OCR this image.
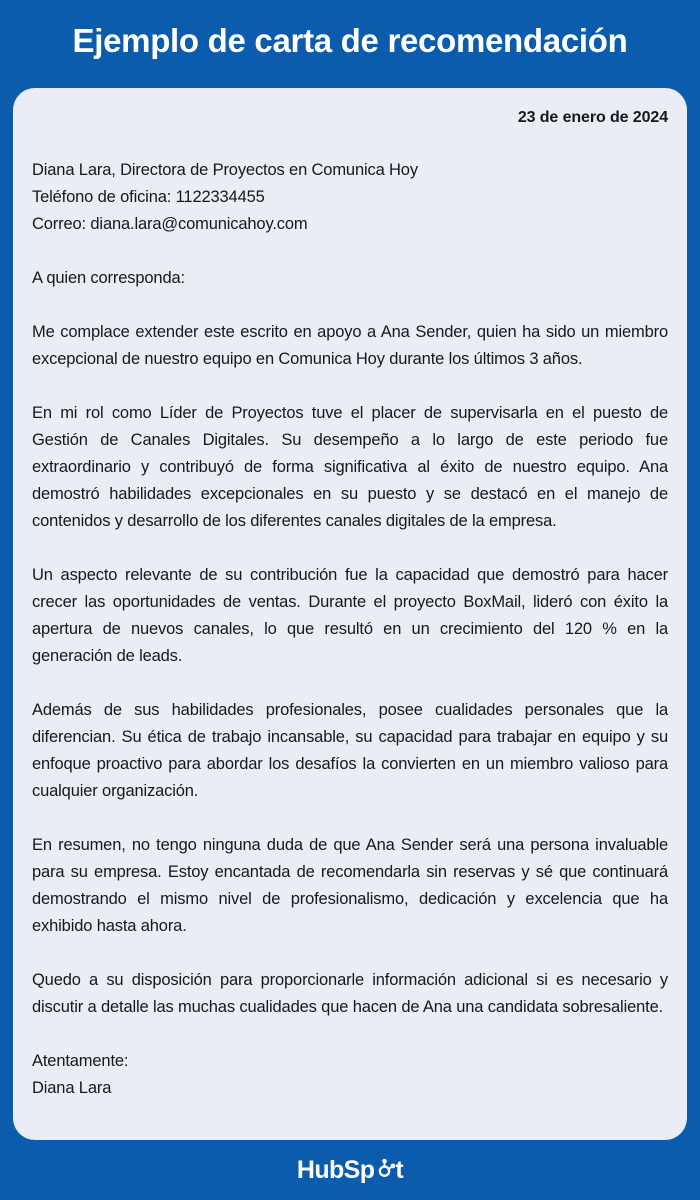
Ejemplo de carta de recomendación
23 de enero de 2024
Diana Lara, Directora de Proyectos en Comunica Hoy
Teléfono de oficina: 1122334455
Correo: diana.lara@comunicahoy.com
A quien corresponda:

Me complace extender este escrito en apoyo a Ana Sender, quien ha sido un miembro excepcional de nuestro equipo en Comunica Hoy durante los últimos 3 años.

En mi rol como Líder de Proyectos tuve el placer de supervisarla en el puesto de Gestión de Canales Digitales. Su desempeño a lo largo de este periodo fue extraordinario y contribuyó de forma significativa al éxito de nuestro equipo. Ana demostró habilidades excepcionales en su puesto y se destacó en el manejo de contenidos y desarrollo de los diferentes canales digitales de la empresa.

Un aspecto relevante de su contribución fue la capacidad que demostró para hacer crecer las oportunidades de ventas. Durante el proyecto BoxMail, lideró con éxito la apertura de nuevos canales, lo que resultó en un crecimiento del 120 % en la generación de leads.

Además de sus habilidades profesionales, posee cualidades personales que la diferencian. Su ética de trabajo incansable, su capacidad para trabajar en equipo y su enfoque proactivo para abordar los desafíos la convierten en un miembro valioso para cualquier organización.

En resumen, no tengo ninguna duda de que Ana Sender será una persona invaluable para su empresa. Estoy encantada de recomendarla sin reservas y sé que continuará demostrando el mismo nivel de profesionalismo, dedicación y excelencia que ha exhibido hasta ahora.

Quedo a su disposición para proporcionarle información adicional si es necesario y discutir a detalle las muchas cualidades que hacen de Ana una candidata sobresaliente.

Atentamente:
Diana Lara
HubSp t
